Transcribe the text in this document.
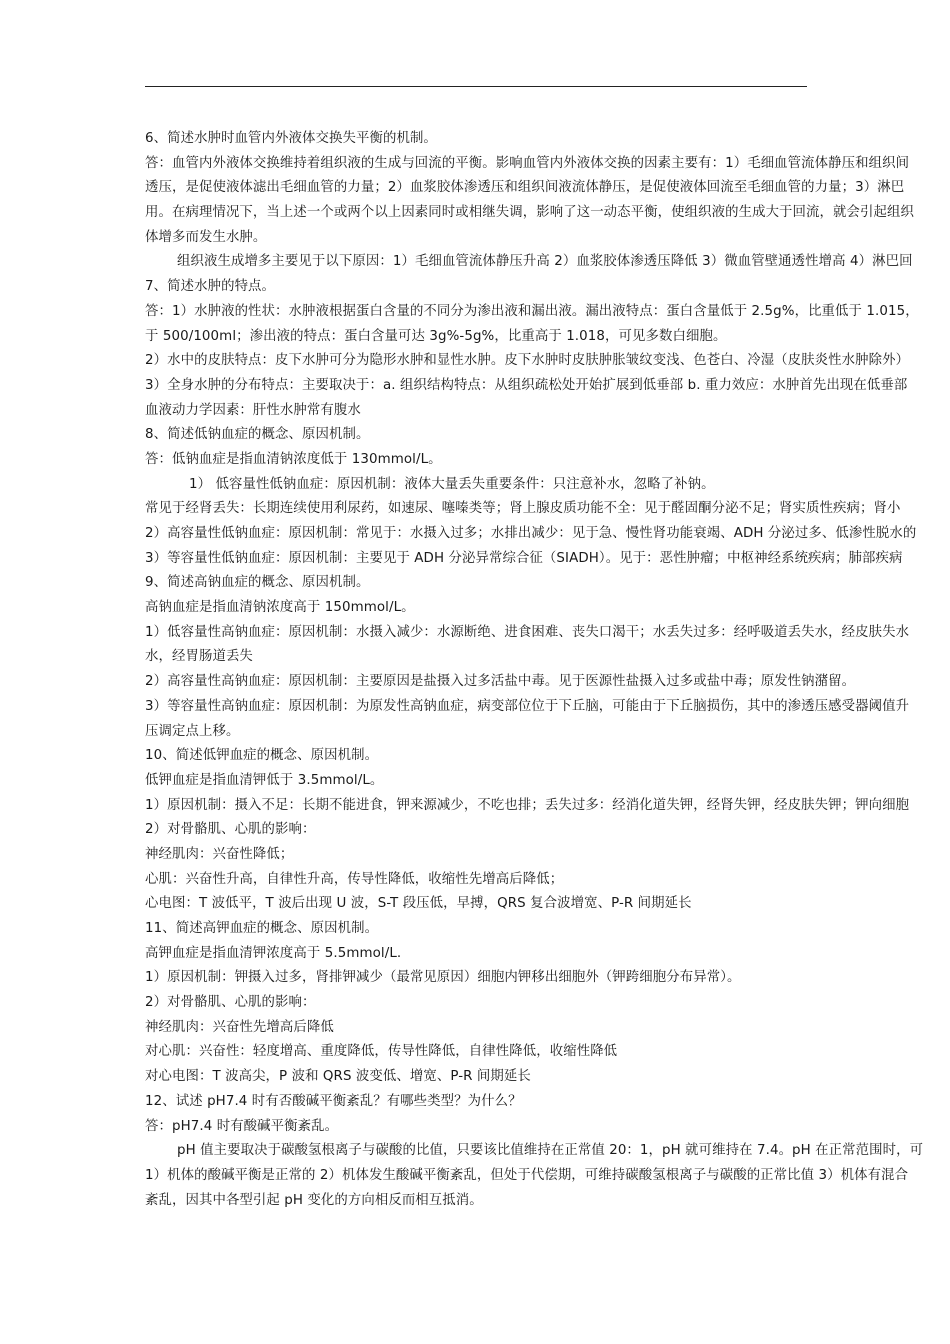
6、简述水肿时血管内外液体交换失平衡的机制。
答：血管内外液体交换维持着组织液的生成与回流的平衡。影响血管内外液体交换的因素主要有：1）毛细血管流体静压和组织间
透压，是促使液体滤出毛细血管的力量；2）血浆胶体渗透压和组织间液流体静压，是促使液体回流至毛细血管的力量；3）淋巴
用。在病理情况下，当上述一个或两个以上因素同时或相继失调，影响了这一动态平衡，使组织液的生成大于回流，就会引起组织
体增多而发生水肿。
组织液生成增多主要见于以下原因：1）毛细血管流体静压升高 2）血浆胶体渗透压降低 3）微血管壁通透性增高 4）淋巴回
7、简述水肿的特点。
答：1）水肿液的性状：水肿液根据蛋白含量的不同分为渗出液和漏出液。漏出液特点：蛋白含量低于 2.5g%，比重低于 1.015，
于 500/100ml；渗出液的特点：蛋白含量可达 3g%-5g%，比重高于 1.018，可见多数白细胞。
2）水中的皮肤特点：皮下水肿可分为隐形水肿和显性水肿。皮下水肿时皮肤肿胀皱纹变浅、色苍白、冷湿（皮肤炎性水肿除外）
3）全身水肿的分布特点：主要取决于：a. 组织结构特点：从组织疏松处开始扩展到低垂部 b. 重力效应：水肿首先出现在低垂部
血液动力学因素：肝性水肿常有腹水
8、简述低钠血症的概念、原因机制。
答：低钠血症是指血清钠浓度低于 130mmol/L。
1） 低容量性低钠血症：原因机制：液体大量丢失重要条件：只注意补水，忽略了补钠。
常见于经肾丢失：长期连续使用利尿药，如速尿、噻嗪类等；肾上腺皮质功能不全：见于醛固酮分泌不足；肾实质性疾病；肾小
2）高容量性低钠血症：原因机制：常见于：水摄入过多；水排出减少：见于急、慢性肾功能衰竭、ADH 分泌过多、低渗性脱水的
3）等容量性低钠血症：原因机制：主要见于 ADH 分泌异常综合征（SIADH）。见于：恶性肿瘤；中枢神经系统疾病；肺部疾病
9、简述高钠血症的概念、原因机制。
高钠血症是指血清钠浓度高于 150mmol/L。
1）低容量性高钠血症：原因机制：水摄入减少：水源断绝、进食困难、丧失口渴干；水丢失过多：经呼吸道丢失水，经皮肤失水
水，经胃肠道丢失
2）高容量性高钠血症：原因机制：主要原因是盐摄入过多活盐中毒。见于医源性盐摄入过多或盐中毒；原发性钠潴留。
3）等容量性高钠血症：原因机制：为原发性高钠血症，病变部位位于下丘脑，可能由于下丘脑损伤，其中的渗透压感受器阈值升
压调定点上移。
10、简述低钾血症的概念、原因机制。
低钾血症是指血清钾低于 3.5mmol/L。
1）原因机制：摄入不足：长期不能进食，钾来源减少，不吃也排；丢失过多：经消化道失钾，经肾失钾，经皮肤失钾；钾向细胞
2）对骨骼肌、心肌的影响：
神经肌肉：兴奋性降低；
心肌：兴奋性升高，自律性升高，传导性降低，收缩性先增高后降低；
心电图：T 波低平，T 波后出现 U 波，S-T 段压低，早搏，QRS 复合波增宽、P-R 间期延长
11、简述高钾血症的概念、原因机制。
高钾血症是指血清钾浓度高于 5.5mmol/L.
1）原因机制：钾摄入过多，肾排钾减少（最常见原因）细胞内钾移出细胞外（钾跨细胞分布异常）。
2）对骨骼肌、心肌的影响：
神经肌肉：兴奋性先增高后降低
对心肌：兴奋性：轻度增高、重度降低，传导性降低，自律性降低，收缩性降低
对心电图：T 波高尖，P 波和 QRS 波变低、增宽、P-R 间期延长
12、试述 pH7.4 时有否酸碱平衡紊乱？有哪些类型？为什么？
答：pH7.4 时有酸碱平衡紊乱。
pH 值主要取决于碳酸氢根离子与碳酸的比值，只要该比值维持在正常值 20：1，pH 就可维持在 7.4。pH 在正常范围时，可
1）机体的酸碱平衡是正常的 2）机体发生酸碱平衡紊乱，但处于代偿期，可维持碳酸氢根离子与碳酸的正常比值 3）机体有混合
紊乱，因其中各型引起 pH 变化的方向相反而相互抵消。
